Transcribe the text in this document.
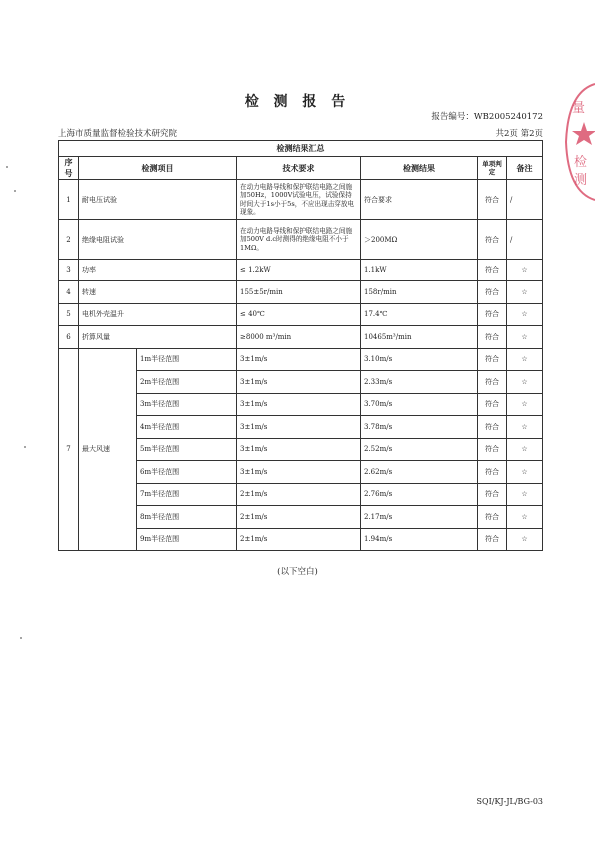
检 测 报 告
报告编号：WB2005240172
上海市质量监督检验技术研究院	共2页 第2页
检测结果汇总						
序号	检测项目		技术要求	检测结果	单项判定	备注
1	耐电压试验		在动力电路导线和保护联结电路之间施加50Hz，1000V试验电压，试验保持时间大于1s小于5s，不应出现击穿放电现象。	符合要求	符合	/
2	绝缘电阻试验		在动力电路导线和保护联结电路之间施加500V d.c时测得的绝缘电阻不小于1MΩ。	＞200MΩ	符合	/
3	功率		≤ 1.2kW	1.1kW	符合	☆
4	转速		155±5r/min	158r/min	符合	☆
5	电机外壳温升		≤ 40℃	17.4℃	符合	☆
6	折算风量		≥8000 m³/min	10465m³/min	符合	☆
7	最大风速	1m半径范围	3±1m/s	3.10m/s	符合	☆
		2m半径范围	3±1m/s	2.33m/s	符合	☆
		3m半径范围	3±1m/s	3.70m/s	符合	☆
		4m半径范围	3±1m/s	3.78m/s	符合	☆
		5m半径范围	3±1m/s	2.52m/s	符合	☆
		6m半径范围	3±1m/s	2.62m/s	符合	☆
		7m半径范围	2±1m/s	2.76m/s	符合	☆
		8m半径范围	2±1m/s	2.17m/s	符合	☆
		9m半径范围	2±1m/s	1.94m/s	符合	☆
(以下空白)
SQI/KJ-JL/BG-03
量
检
测
